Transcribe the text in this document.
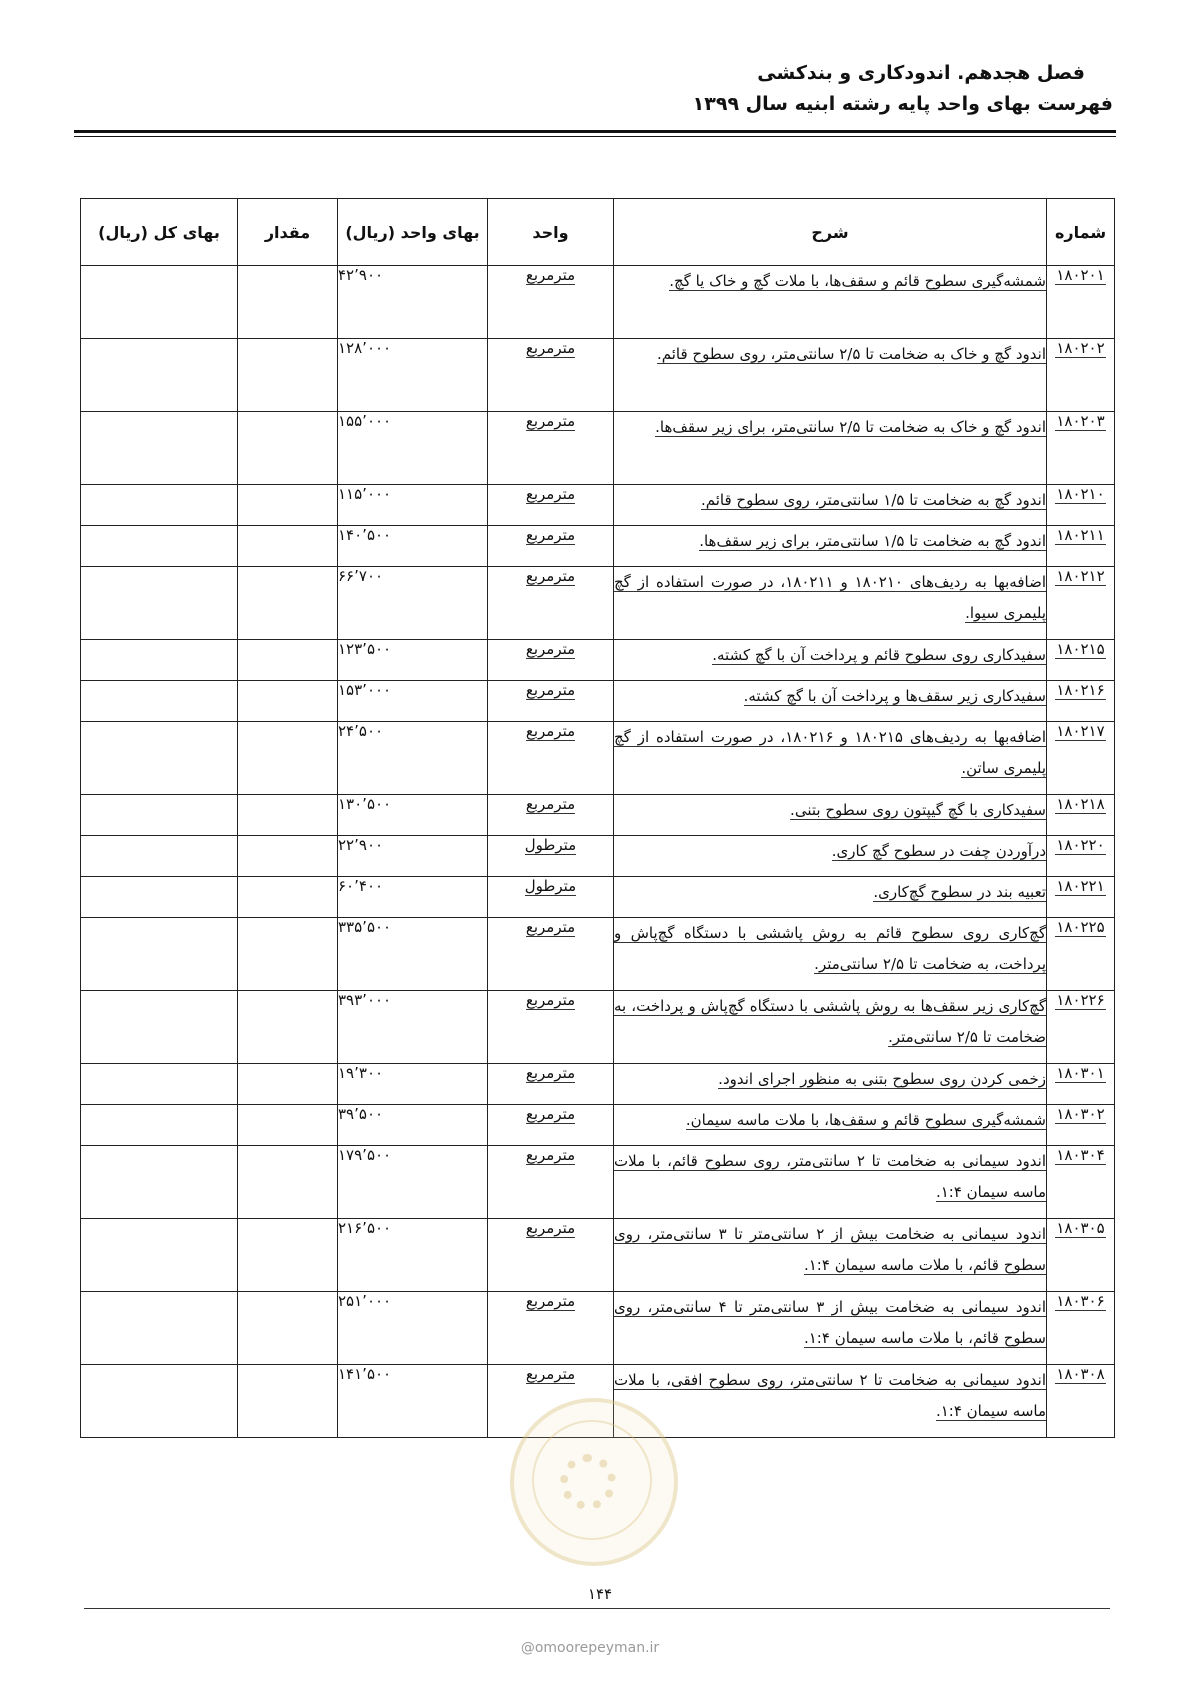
فصل هجدهم. اندودکاری و بندکشی
فهرست بهای واحد پایه رشته ابنیه سال ۱۳۹۹
شماره	شرح	واحد	بهای واحد (ریال)	مقدار	بهای کل (ریال)
۱۸۰۲۰۱	شمشه‌گیری سطوح قائم و سقف‌ها، با ملات گچ و خاک یا گچ.	مترمربع	۴۲٬۹۰۰		
۱۸۰۲۰۲	اندود گچ و خاک به ضخامت تا ۲/۵ سانتی‌متر، روی سطوح قائم.	مترمربع	۱۲۸٬۰۰۰		
۱۸۰۲۰۳	اندود گچ و خاک به ضخامت تا ۲/۵ سانتی‌متر، برای زیر سقف‌ها.	مترمربع	۱۵۵٬۰۰۰		
۱۸۰۲۱۰	اندود گچ به ضخامت تا ۱/۵ سانتی‌متر، روی سطوح قائم.	مترمربع	۱۱۵٬۰۰۰		
۱۸۰۲۱۱	اندود گچ به ضخامت تا ۱/۵ سانتی‌متر، برای زیر سقف‌ها.	مترمربع	۱۴۰٬۵۰۰		
۱۸۰۲۱۲	اضافه‌بها به ردیف‌های ۱۸۰۲۱۰ و ۱۸۰۲۱۱، در صورت استفاده از گچ پلیمری سیوا.	مترمربع	۶۶٬۷۰۰		
۱۸۰۲۱۵	سفیدکاری روی سطوح قائم و پرداخت آن با گچ کشته.	مترمربع	۱۲۳٬۵۰۰		
۱۸۰۲۱۶	سفیدکاری زیر سقف‌ها و پرداخت آن با گچ کشته.	مترمربع	۱۵۳٬۰۰۰		
۱۸۰۲۱۷	اضافه‌بها به ردیف‌های ۱۸۰۲۱۵ و ۱۸۰۲۱۶، در صورت استفاده از گچ پلیمری ساتن.	مترمربع	۲۴٬۵۰۰		
۱۸۰۲۱۸	سفیدکاری با گچ گیپتون روی سطوح بتنی.	مترمربع	۱۳۰٬۵۰۰		
۱۸۰۲۲۰	درآوردن چفت در سطوح گچ کاری.	مترطول	۲۲٬۹۰۰		
۱۸۰۲۲۱	تعبیه بند در سطوح گچ‌کاری.	مترطول	۶۰٬۴۰۰		
۱۸۰۲۲۵	گچ‌کاری روی سطوح قائم به روش پاششی با دستگاه گچ‌پاش و پرداخت، به ضخامت تا ۲/۵ سانتی‌متر.	مترمربع	۳۳۵٬۵۰۰		
۱۸۰۲۲۶	گچ‌کاری زیر سقف‌ها به روش پاششی با دستگاه گچ‌پاش و پرداخت، به ضخامت تا ۲/۵ سانتی‌متر.	مترمربع	۳۹۳٬۰۰۰		
۱۸۰۳۰۱	زخمی کردن روی سطوح بتنی به منظور اجرای اندود.	مترمربع	۱۹٬۳۰۰		
۱۸۰۳۰۲	شمشه‌گیری سطوح قائم و سقف‌ها، با ملات ماسه سیمان.	مترمربع	۳۹٬۵۰۰		
۱۸۰۳۰۴	اندود سیمانی به ضخامت تا ۲ سانتی‌متر، روی سطوح قائم، با ملات ماسه سیمان ۱:۴.	مترمربع	۱۷۹٬۵۰۰		
۱۸۰۳۰۵	اندود سیمانی به ضخامت بیش از ۲ سانتی‌متر تا ۳ سانتی‌متر، روی سطوح قائم، با ملات ماسه سیمان ۱:۴.	مترمربع	۲۱۶٬۵۰۰		
۱۸۰۳۰۶	اندود سیمانی به ضخامت بیش از ۳ سانتی‌متر تا ۴ سانتی‌متر، روی سطوح قائم، با ملات ماسه سیمان ۱:۴.	مترمربع	۲۵۱٬۰۰۰		
۱۸۰۳۰۸	اندود سیمانی به ضخامت تا ۲ سانتی‌متر، روی سطوح افقی، با ملات ماسه سیمان ۱:۴.	مترمربع	۱۴۱٬۵۰۰		
۱۴۴
@omoorepeyman.ir
